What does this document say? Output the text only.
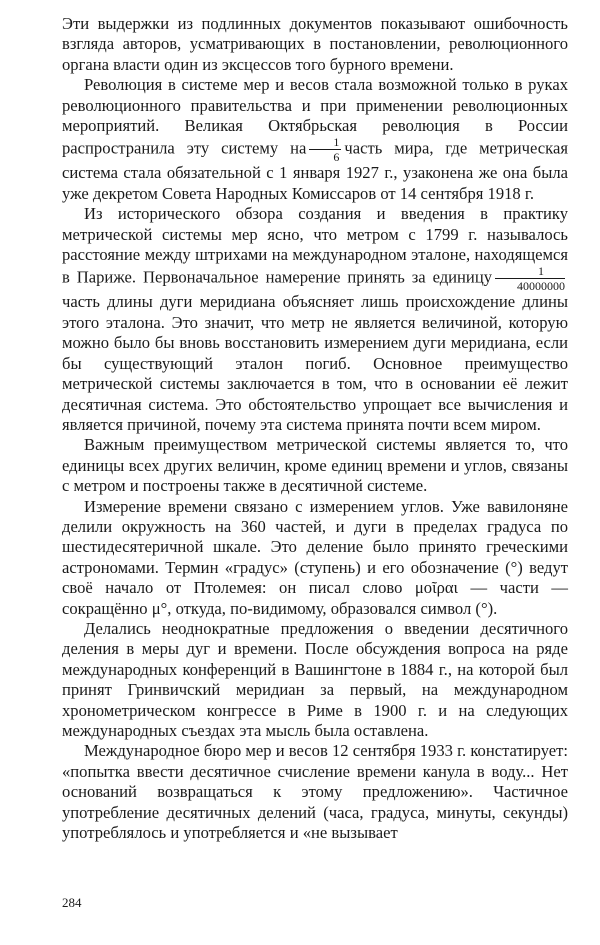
Эти выдержки из подлинных документов показывают ошибочность взгляда авторов, усматривающих в постановлении, революционного органа власти один из эксцессов того бурного времени.

Революция в системе мер и весов стала возможной только в руках революционного правительства и при применении революционных мероприятий. Великая Октябрьская революция в России распространила эту систему на $\frac{1}{6}$ часть мира, где метрическая система стала обязательной с 1 января 1927 г., узаконена же она была уже декретом Совета Народных Комиссаров от 14 сентября 1918 г.

Из исторического обзора создания и введения в практику метрической системы мер ясно, что метром с 1799 г. называлось расстояние между штрихами на международном эталоне, находящемся в Париже. Первоначальное намерение принять за единицу $\frac{1}{40000000}$
часть длины дуги меридиана объясняет лишь происхождение длины этого эталона. Это значит, что метр не является величиной, которую можно было бы вновь восстановить измерением дуги меридиана, если бы существующий эталон погиб. Основное преимущество метрической системы заключается в том, что в основании её лежит десятичная система. Это обстоятельство упрощает все вычисления и является причиной, почему эта система принята почти всем миром.

Важным преимуществом метрической системы является то, что единицы всех других величин, кроме единиц времени и углов, связаны с метром и построены также в десятичной системе.

Измерение времени связано с измерением углов. Уже вавилоняне делили окружность на 360 частей, и дуги в пределах градуса по шестидесятеричной шкале. Это деление было принято греческими астрономами. Термин «градус» (ступень) и его обозначение (°) ведут своё начало от Птолемея: он писал слово μοῖραι — части — сокращённо μ°, откуда, по-видимому, образовался символ (°).

Делались неоднократные предложения о введении десятичного деления в меры дуг и времени. После обсуждения вопроса на ряде международных конференций в Вашингтоне в 1884 г., на которой был принят Гринвичский меридиан за первый, на международном хронометрическом конгрессе в Риме в 1900 г. и на следующих международных съездах эта мысль была оставлена.

Международное бюро мер и весов 12 сентября 1933 г. констатирует: «попытка ввести десятичное счисление времени канула в воду... Нет оснований возвращаться к этому предложению». Частичное употребление десятичных делений (часа, градуса, минуты, секунды) употреблялось и употребляется и «не вызывает

284
